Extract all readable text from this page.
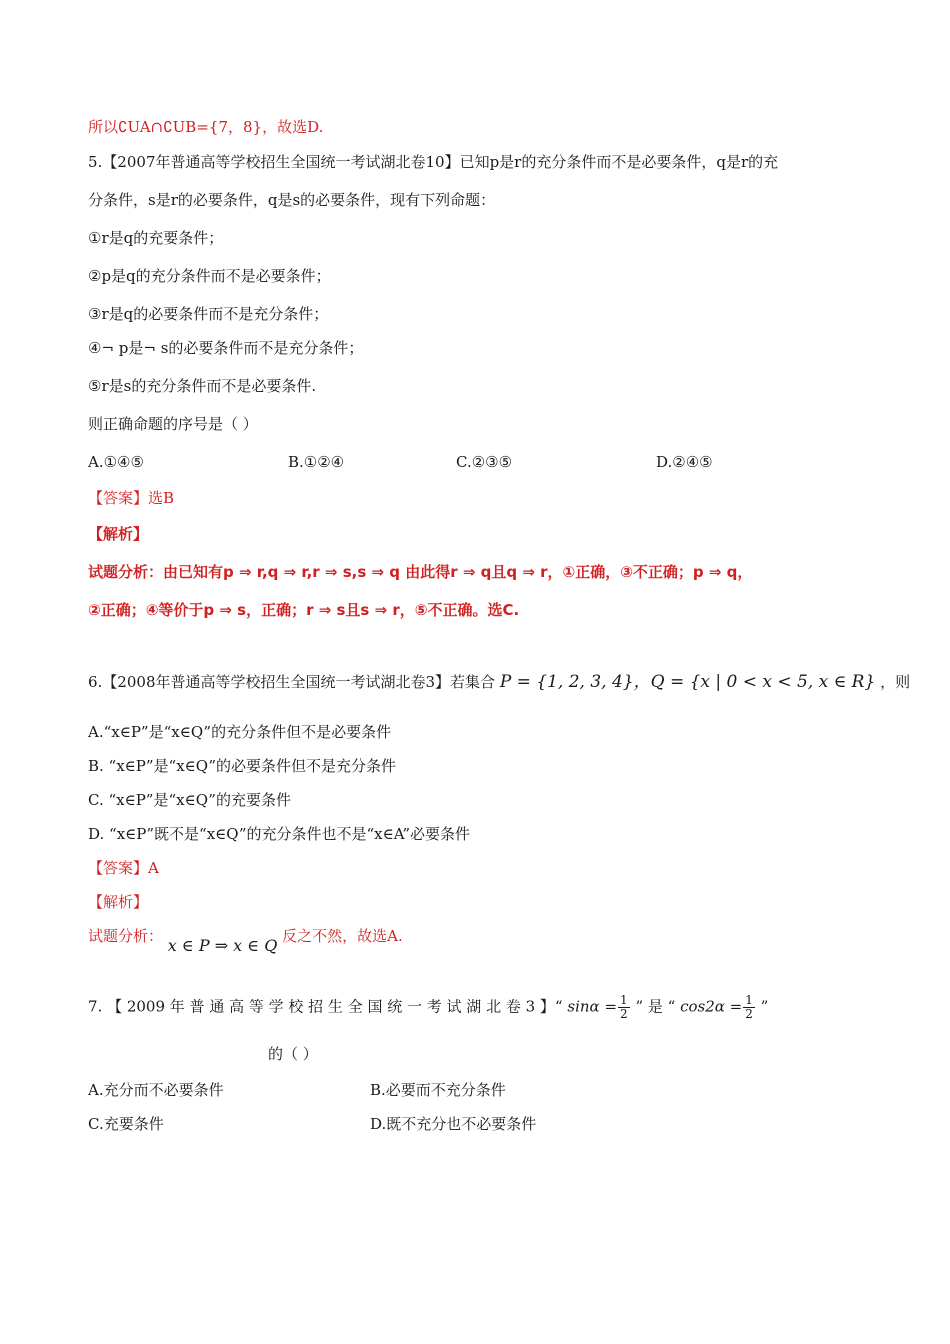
所以∁UA∩∁UB={7，8}，故选D.
5.【2007年普通高等学校招生全国统一考试湖北卷10】已知p是r的充分条件而不是必要条件，q是r的充
分条件，s是r的必要条件，q是s的必要条件，现有下列命题：
①r是q的充要条件；
②p是q的充分条件而不是必要条件；
③r是q的必要条件而不是充分条件；
④¬ p是¬ s的必要条件而不是充分条件；
⑤r是s的充分条件而不是必要条件.
则正确命题的序号是（ ）
A.①④⑤	B.①②④	C.②③⑤	D.②④⑤
【答案】选B
【解析】
试题分析：由已知有p ⇒ r,q ⇒ r,r ⇒ s,s ⇒ q 由此得r ⇒ q且q ⇒ r，①正确，③不正确；p ⇒ q，
②正确；④等价于p ⇒ s，正确；r ⇒ s且s ⇒ r，⑤不正确。选C.
6.【2008年普通高等学校招生全国统一考试湖北卷3】若集合 P = {1, 2, 3, 4}，Q = {x | 0 < x < 5, x ∈ R} ，则
A.“x∈P”是“x∈Q”的充分条件但不是必要条件
B. “x∈P”是“x∈Q”的必要条件但不是充分条件
C. “x∈P”是“x∈Q”的充要条件
D. “x∈P”既不是“x∈Q”的充分条件也不是“x∈A”必要条件
【答案】A
【解析】
试题分析： x ∈ P ⇒ x ∈ Q 反之不然，故选A.
7. 【 2009 年 普 通 高 等 学 校 招 生 全 国 统 一 考 试 湖 北 卷 3 】“ $\sin\alpha = \frac{1}{2}$ ” 是 “ $\cos 2\alpha = \frac{1}{2}$ ”
的（ ）
A.充分而不必要条件	B.必要而不充分条件
C.充要条件	D.既不充分也不必要条件
